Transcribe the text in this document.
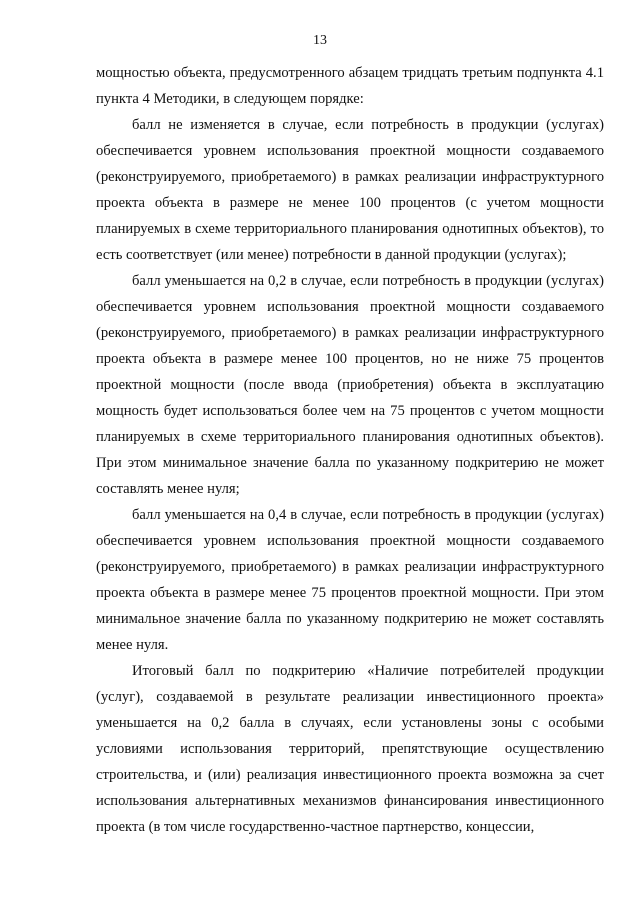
13

мощностью объекта, предусмотренного абзацем тридцать третьим подпункта 4.1 пункта 4 Методики, в следующем порядке:

балл не изменяется в случае, если потребность в продукции (услугах) обеспечивается уровнем использования проектной мощности создаваемого (реконструируемого, приобретаемого) в рамках реализации инфраструктурного проекта объекта в размере не менее 100 процентов (с учетом мощности планируемых в схеме территориального планирования однотипных объектов), то есть соответствует (или менее) потребности в данной продукции (услугах);

балл уменьшается на 0,2 в случае, если потребность в продукции (услугах) обеспечивается уровнем использования проектной мощности создаваемого (реконструируемого, приобретаемого) в рамках реализации инфраструктурного проекта объекта в размере менее 100 процентов, но не ниже 75 процентов проектной мощности (после ввода (приобретения) объекта в эксплуатацию мощность будет использоваться более чем на 75 процентов с учетом мощности планируемых в схеме территориального планирования однотипных объектов). При этом минимальное значение балла по указанному подкритерию не может составлять менее нуля;

балл уменьшается на 0,4 в случае, если потребность в продукции (услугах) обеспечивается уровнем использования проектной мощности создаваемого (реконструируемого, приобретаемого) в рамках реализации инфраструктурного проекта объекта в размере менее 75 процентов проектной мощности. При этом минимальное значение балла по указанному подкритерию не может составлять менее нуля.

Итоговый балл по подкритерию «Наличие потребителей продукции (услуг), создаваемой в результате реализации инвестиционного проекта» уменьшается на 0,2 балла в случаях, если установлены зоны с особыми условиями использования территорий, препятствующие осуществлению строительства, и (или) реализация инвестиционного проекта возможна за счет использования альтернативных механизмов финансирования инвестиционного проекта (в том числе государственно-частное партнерство, концессии,
